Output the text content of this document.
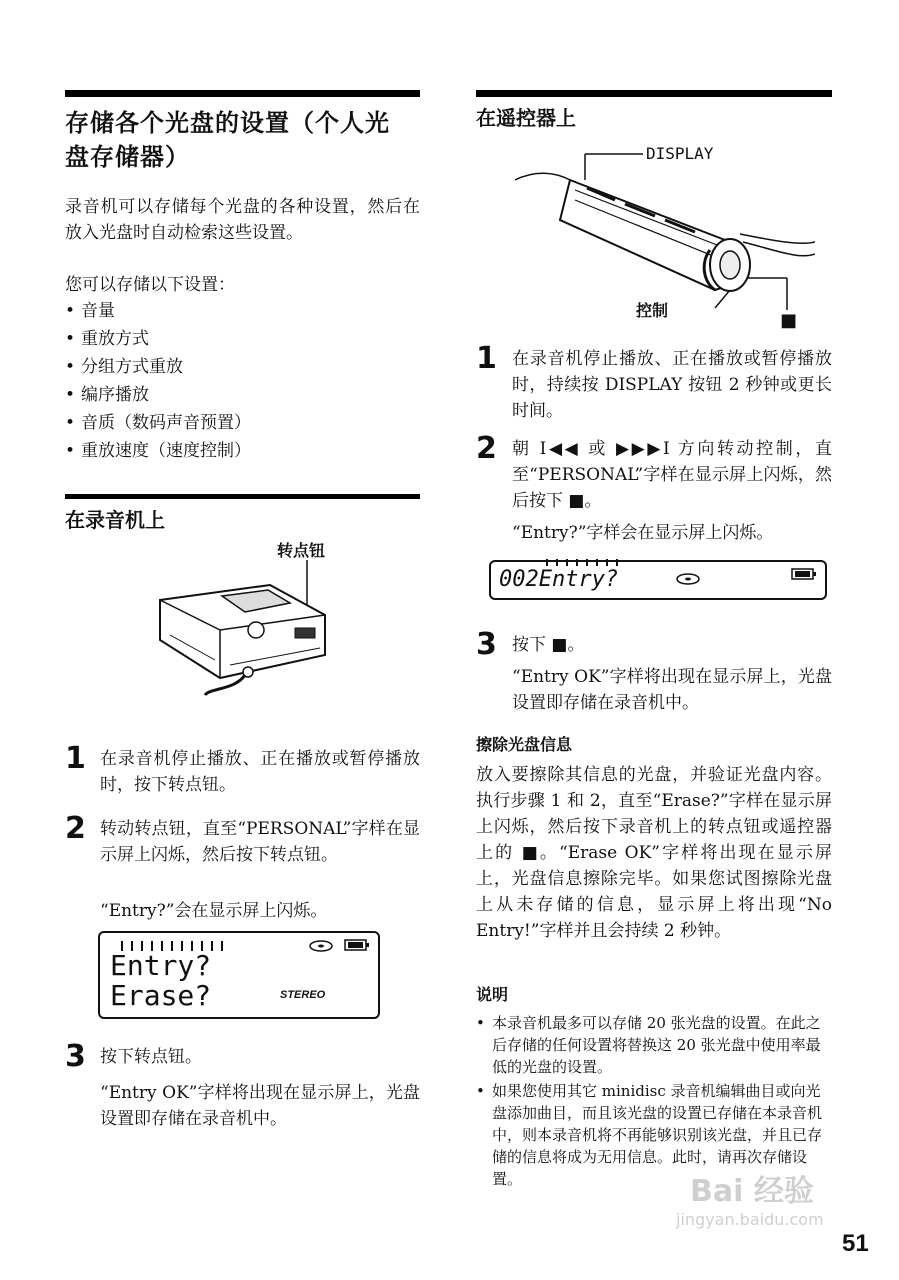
存储各个光盘的设置（个人光
盘存储器）
录音机可以存储每个光盘的各种设置，然后在放入光盘时自动检索这些设置。
您可以存储以下设置：
• 音量
• 重放方式
• 分组方式重放
• 编序播放
• 音质（数码声音预置）
• 重放速度（速度控制）
在录音机上
转点钮
1 在录音机停止播放、正在播放或暂停播放时，按下转点钮。
2 转动转点钮，直至“PERSONAL”字样在显示屏上闪烁，然后按下转点钮。
“Entry?”会在显示屏上闪烁。
Entry?
Erase?	STEREO
3 按下转点钮。
“Entry OK”字样将出现在显示屏上，光盘设置即存储在录音机中。
在遥控器上
DISPLAY
控制	■
1 在录音机停止播放、正在播放或暂停播放时，持续按 DISPLAY 按钮 2 秒钟或更长时间。
2 朝 I◀◀ 或 ▶▶▶I 方向转动控制，直至“PERSONAL”字样在显示屏上闪烁，然后按下 ■。
“Entry?”字样会在显示屏上闪烁。
002Entry?
3 按下 ■。
“Entry OK”字样将出现在显示屏上，光盘设置即存储在录音机中。
擦除光盘信息
放入要擦除其信息的光盘，并验证光盘内容。执行步骤 1 和 2，直至“Erase?”字样在显示屏上闪烁，然后按下录音机上的转点钮或遥控器上的 ■。“Erase OK”字样将出现在显示屏上，光盘信息擦除完毕。如果您试图擦除光盘上从未存储的信息，显示屏上将出现“No Entry!”字样并且会持续 2 秒钟。
说明
• 本录音机最多可以存储 20 张光盘的设置。在此之后存储的任何设置将替换这 20 张光盘中使用率最低的光盘的设置。
• 如果您使用其它 minidisc 录音机编辑曲目或向光盘添加曲目，而且该光盘的设置已存储在本录音机中，则本录音机将不再能够识别该光盘，并且已存储的信息将成为无用信息。此时，请再次存储设置。
51
Bai 经验
jingyan.baidu.com
